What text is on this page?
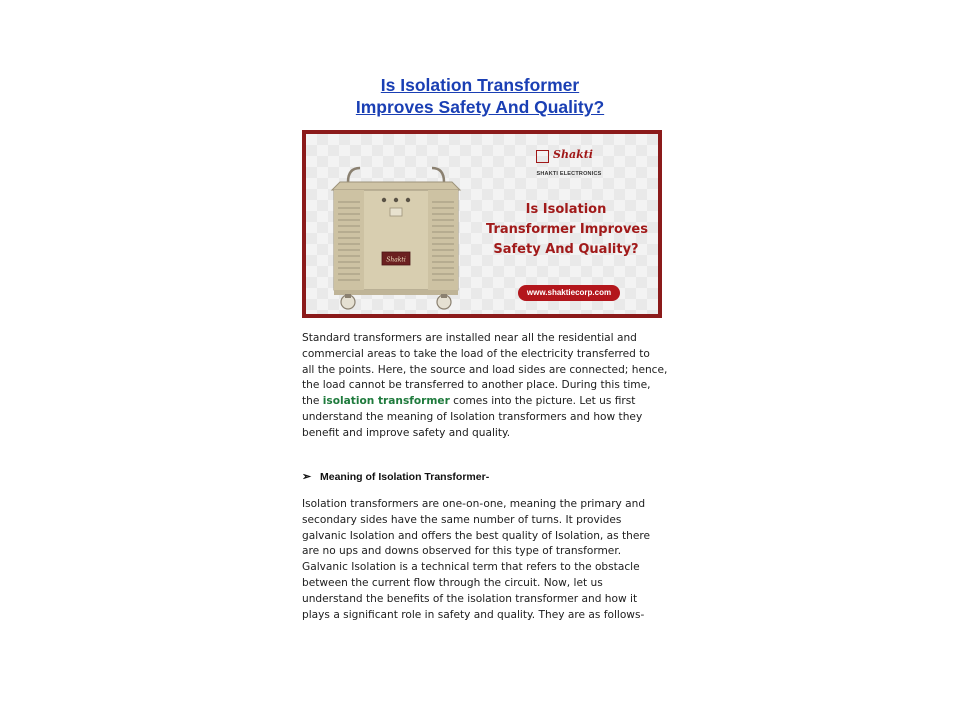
Is Isolation Transformer
Improves Safety And Quality?
Shakti
Shakti
SHAKTI ELECTRONICS
Is Isolation
Transformer Improves
Safety And Quality?
www.shaktiecorp.com
Standard transformers are installed near all the residential and
commercial areas to take the load of the electricity transferred to
all the points. Here, the source and load sides are connected; hence,
the load cannot be transferred to another place. During this time,
the isolation transformer comes into the picture. Let us first
understand the meaning of Isolation transformers and how they
benefit and improve safety and quality.
➢ Meaning of Isolation Transformer-
Isolation transformers are one-on-one, meaning the primary and
secondary sides have the same number of turns. It provides
galvanic Isolation and offers the best quality of Isolation, as there
are no ups and downs observed for this type of transformer.
Galvanic Isolation is a technical term that refers to the obstacle
between the current flow through the circuit. Now, let us
understand the benefits of the isolation transformer and how it
plays a significant role in safety and quality. They are as follows-
